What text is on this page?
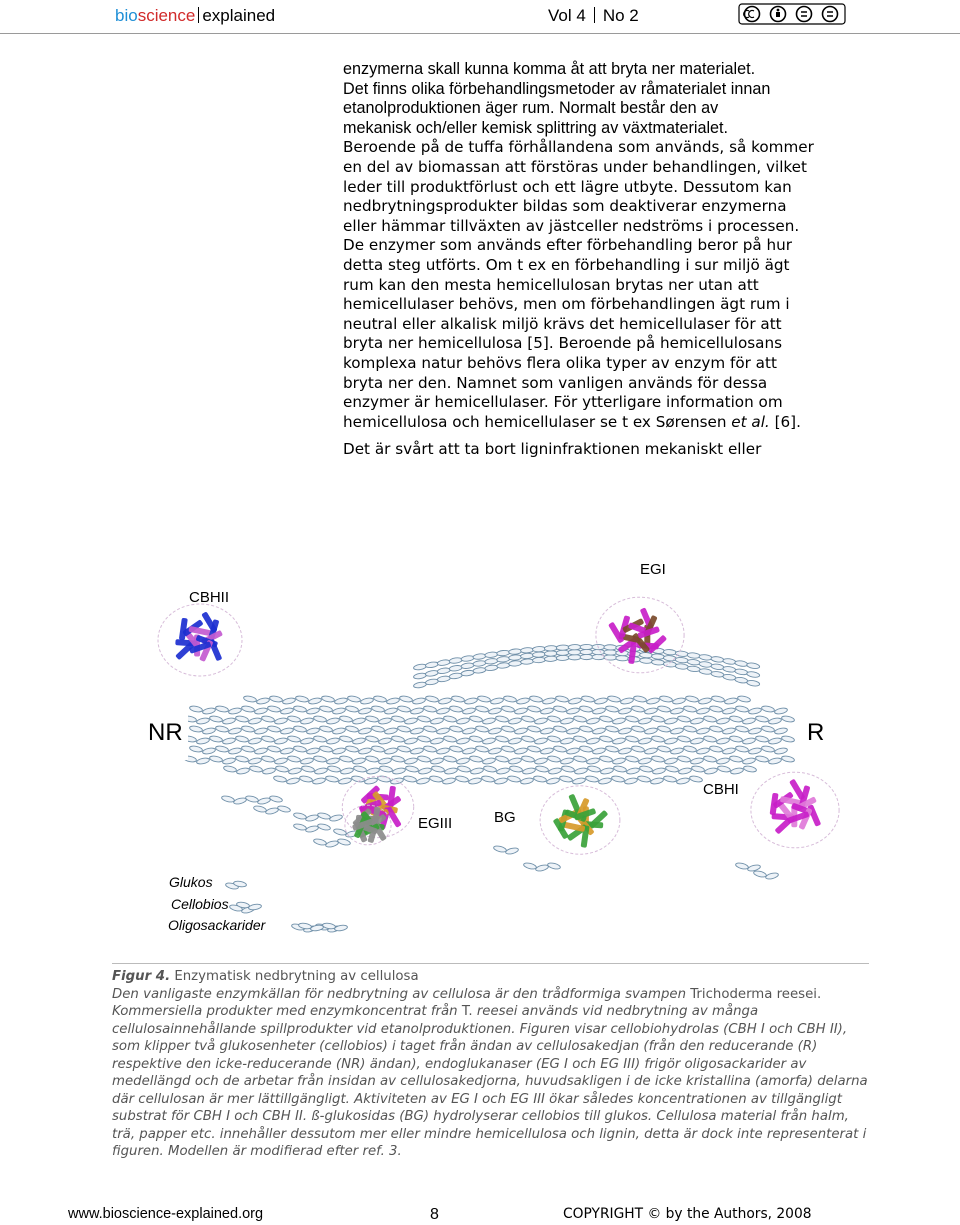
bioscience explained	Vol 4 No 2

enzymerna skall kunna komma åt att bryta ner materialet.

Det finns olika förbehandlingsmetoder av råmaterialet innan

etanolproduktionen äger rum. Normalt består den av

mekanisk och/eller kemisk splittring av växtmaterialet.

Beroende på de tuffa förhållandena som används, så kommer

en del av biomassan att förstöras under behandlingen, vilket

leder till produktförlust och ett lägre utbyte. Dessutom kan

nedbrytningsprodukter bildas som deaktiverar enzymerna

eller hämmar tillväxten av jästceller nedströms i processen.

De enzymer som används efter förbehandling beror på hur

detta steg utförts. Om t ex en förbehandling i sur miljö ägt

rum kan den mesta hemicellulosan brytas ner utan att

hemicellulaser behövs, men om förbehandlingen ägt rum i

neutral eller alkalisk miljö krävs det hemicellulaser för att

bryta ner hemicellulosa [5]. Beroende på hemicellulosans

komplexa natur behövs flera olika typer av enzym för att

bryta ner den. Namnet som vanligen används för dessa

enzymer är hemicellulaser. För ytterligare information om

hemicellulosa och hemicellulaser se t ex Sørensen et al. [6].

Det är svårt att ta bort ligninfraktionen mekaniskt eller

CBHII
EGI
NR	R
CBHI
EGIII	BG
Glukos
Cellobios
Oligosackarider
Figur 4. Enzymatisk nedbrytning av cellulosa
Den vanligaste enzymkällan för nedbrytning av cellulosa är den trådformiga svampen Trichoderma reesei. Kommersiella produkter med enzymkoncentrat från T. reesei används vid nedbrytning av många cellulosainnehållande spillprodukter vid etanolproduktionen. Figuren visar cellobiohydrolas (CBH I och CBH II), som klipper två glukosenheter (cellobios) i taget från ändan av cellulosakedjan (från den reducerande (R) respektive den icke-reducerande (NR) ändan), endoglukanaser (EG I och EG III) frigör oligosackarider av medellängd och de arbetar från insidan av cellulosakedjorna, huvudsakligen i de icke kristallina (amorfa) delarna där cellulosan är mer lättillgängligt. Aktiviteten av EG I och EG III ökar således koncentrationen av tillgängligt substrat för CBH I och CBH II. ß-glukosidas (BG) hydrolyserar cellobios till glukos. Cellulosa material från halm, trä, papper etc. innehåller dessutom mer eller mindre hemicellulosa och lignin, detta är dock inte representerat i figuren. Modellen är modifierad efter ref. 3.
www.bioscience-explained.org	8	COPYRIGHT © by the Authors, 2008
